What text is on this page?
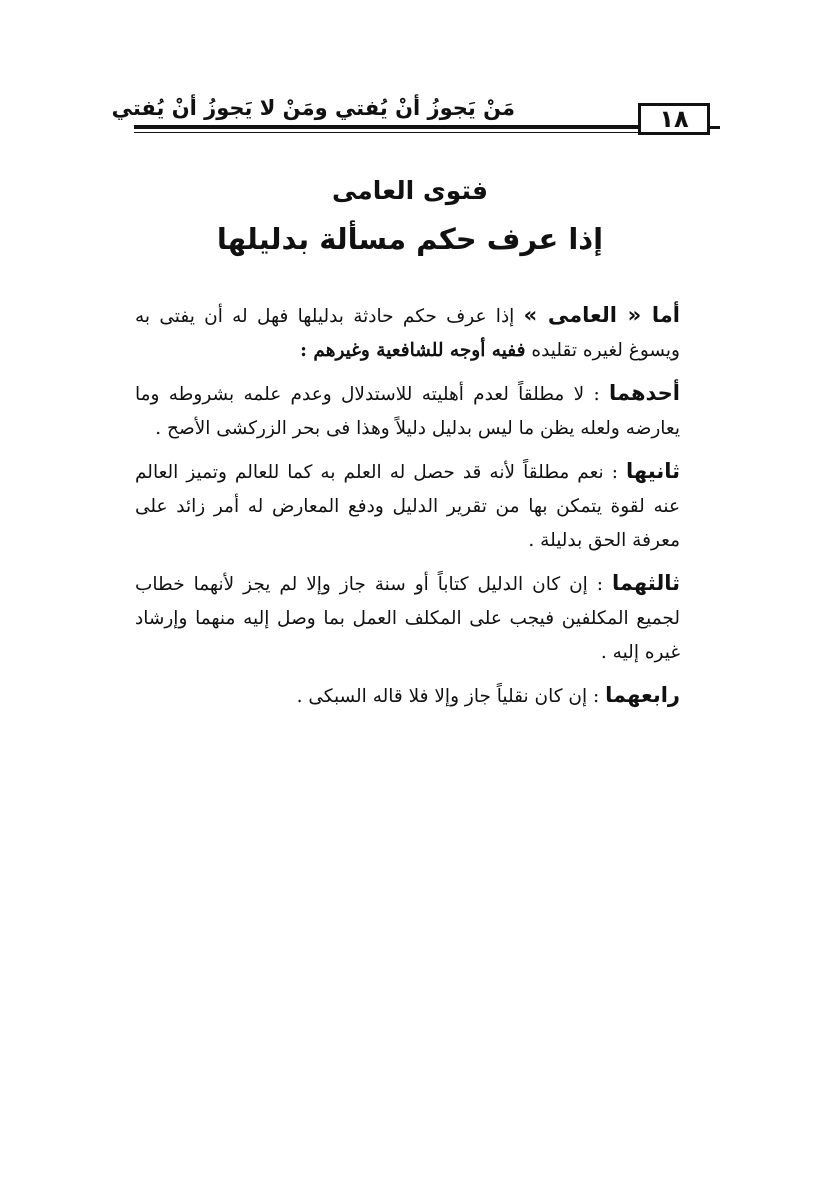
مَنْ يَجوزُ أنْ يُفتي ومَنْ لا يَجوزُ أنْ يُفتي	١٨
فتوى العامى
إذا عرف حكم مسألة بدليلها

أما « العامى » إذا عرف حكم حادثة بدليلها فهل له أن يفتى به ويسوغ لغيره تقليده ففيه أوجه للشافعية وغيرهم :

أحدهما : لا مطلقاً لعدم أهليته للاستدلال وعدم علمه بشروطه وما يعارضه ولعله يظن ما ليس بدليل دليلاً وهذا فى بحر الزركشى الأصح .

ثانيها : نعم مطلقاً لأنه قد حصل له العلم به كما للعالم وتميز العالم عنه لقوة يتمكن بها من تقرير الدليل ودفع المعارض له أمر زائد على معرفة الحق بدليلة .

ثالثهما : إن كان الدليل كتاباً أو سنة جاز وإلا لم يجز لأنهما خطاب لجميع المكلفين فيجب على المكلف العمل بما وصل إليه منهما وإرشاد غيره إليه .

رابعهما : إن كان نقلياً جاز وإلا فلا قاله السبكى .
